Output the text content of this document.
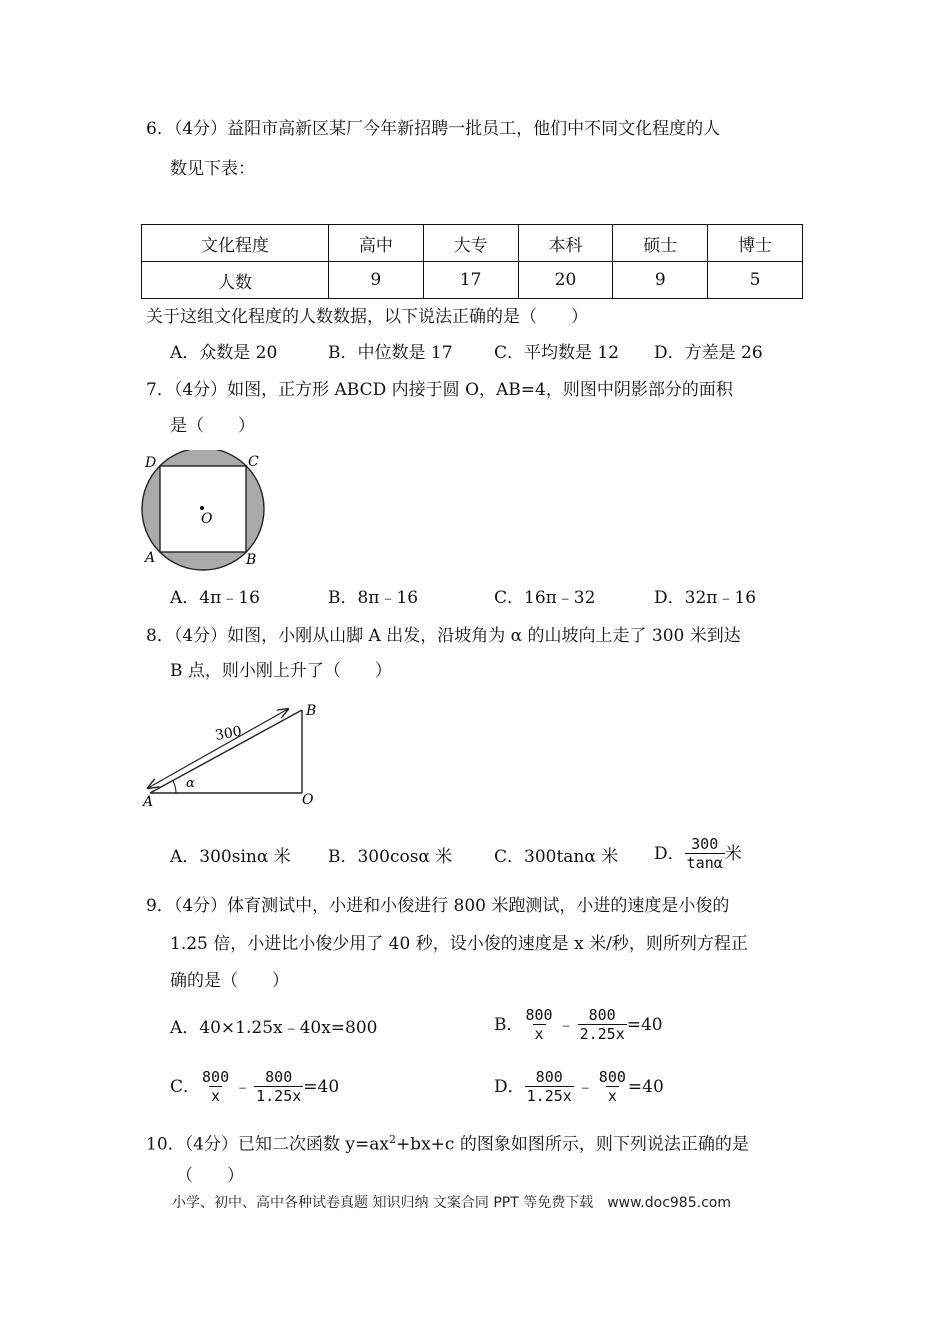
6．（4分）益阳市高新区某厂今年新招聘一批员工，他们中不同文化程度的人
数见下表：
文化程度	高中	大专	本科	硕士	博士
人数	9	17	20	9	5
关于这组文化程度的人数数据，以下说法正确的是（　　）
A．众数是 20	B．中位数是 17 C．平均数是 12 D．方差是 26
7．（4分）如图，正方形 ABCD 内接于圆 O，AB=4，则图中阴影部分的面积
是（　　）
D	C
O
A	B
A．4π﹣16	B．8π﹣16	C．16π﹣32	D．32π﹣16
8．（4分）如图，小刚从山脚 A 出发，沿坡角为 α 的山坡向上走了 300 米到达
B 点，则小刚上升了（　　）
300
B
A	O
α
A．300sinα 米 B．300cosα 米 C．300tanα 米 D． $\frac{300}{\tan\alpha}$ 米
9．（4分）体育测试中，小进和小俊进行 800 米跑测试，小进的速度是小俊的
1.25 倍，小进比小俊少用了 40 秒，设小俊的速度是 x 米/秒，则所列方程正
确的是（　　）
A．40×1.25x﹣40x=800	B． $\frac{800}{x}$ ﹣ $\frac{800}{2.25x} =40$
C． $\frac{800}{x}$ ﹣ $\frac{800}{1.25x} =40$	D． $\frac{800}{1.25x}$ ﹣ $\frac{800}{x} =40$
10．（4分）已知二次函数 $y=ax^2+bx+c$ 的图象如图所示，则下列说法正确的是
（　　）
小学、初中、高中各种试卷真题 知识归纳 文案合同 PPT 等免费下载　www.doc985.com
